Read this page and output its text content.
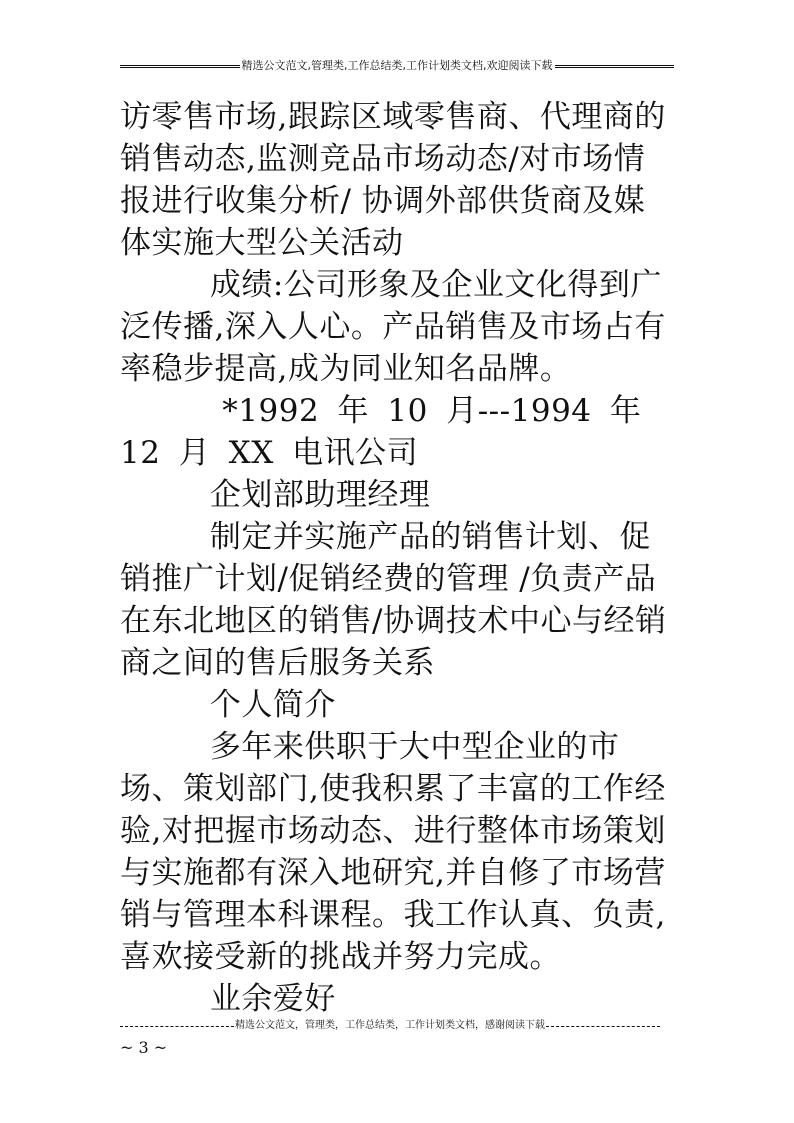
精选公文范文,管理类,工作总结类,工作计划类文档,欢迎阅读下载

访零售市场,跟踪区域零售商、代理商的销售动态,监测竞品市场动态/对市场情报进行收集分析/ 协调外部供货商及媒体实施大型公关活动

成绩:公司形象及企业文化得到广泛传播,深入人心。产品销售及市场占有率稳步提高,成为同业知名品牌。

*1992 年 10 月---1994 年 12 月 XX 电讯公司

企划部助理经理

制定并实施产品的销售计划、促销推广计划/促销经费的管理 /负责产品在东北地区的销售/协调技术中心与经销商之间的售后服务关系

个人简介

多年来供职于大中型企业的市场、策划部门,使我积累了丰富的工作经验,对把握市场动态、进行整体市场策划与实施都有深入地研究,并自修了市场营销与管理本科课程。我工作认真、负责,喜欢接受新的挑战并努力完成。

业余爱好

精选公文范文，管理类，工作总结类，工作计划类文档，感谢阅读下载
~ 3 ~
